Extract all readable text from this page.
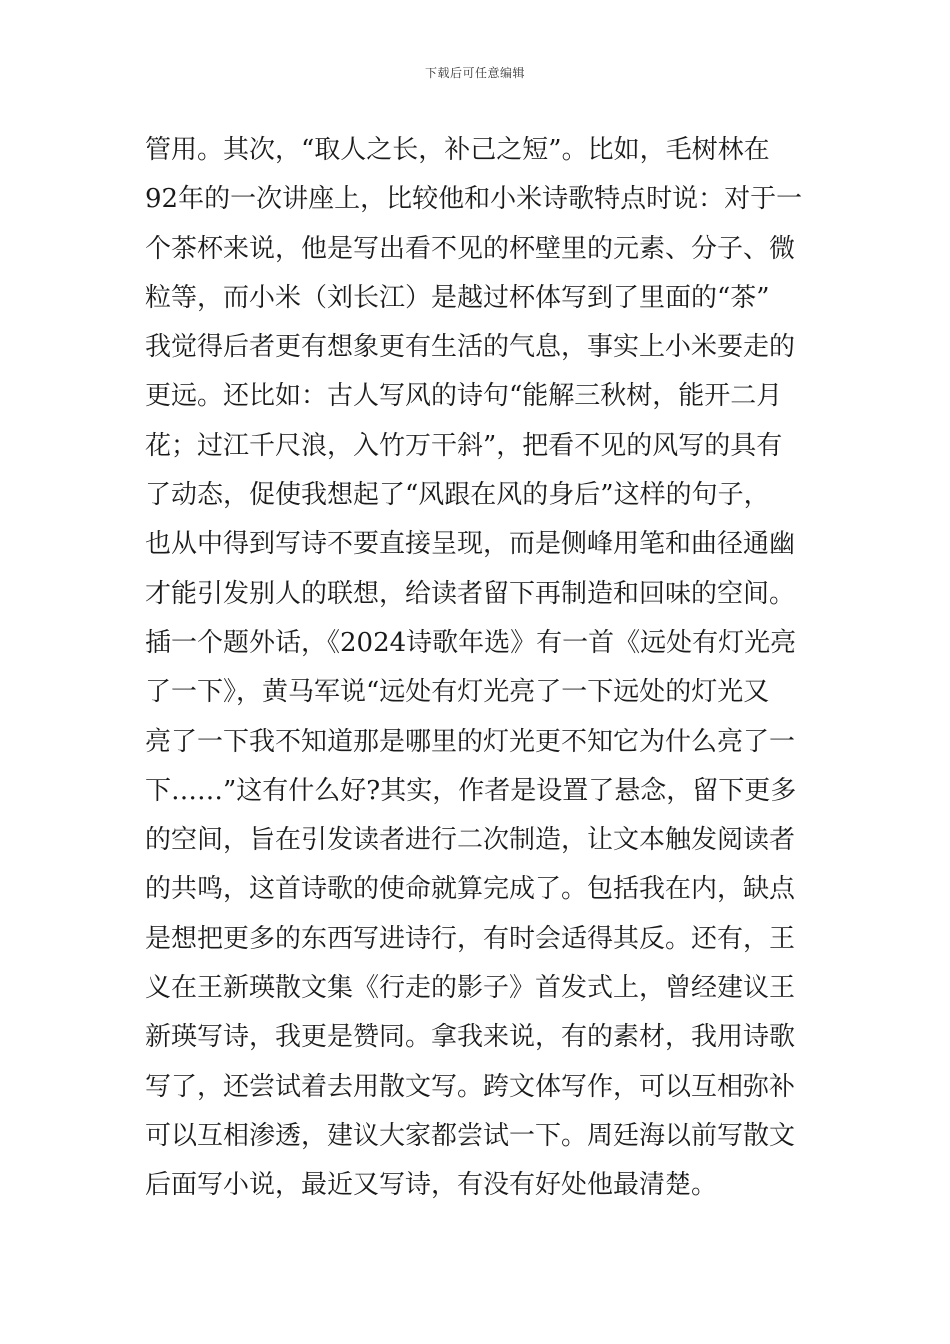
下载后可任意编辑
管用。其次，“取人之长，补己之短”。比如，毛树林在
92年的一次讲座上，比较他和小米诗歌特点时说：对于一
个茶杯来说，他是写出看不见的杯壁里的元素、分子、微
粒等，而小米（刘长江）是越过杯体写到了里面的“茶”
我觉得后者更有想象更有生活的气息，事实上小米要走的
更远。还比如：古人写风的诗句“能解三秋树，能开二月
花；过江千尺浪，入竹万干斜”，把看不见的风写的具有
了动态，促使我想起了“风跟在风的身后”这样的句子，
也从中得到写诗不要直接呈现，而是侧峰用笔和曲径通幽
才能引发别人的联想，给读者留下再制造和回味的空间。
插一个题外话，《2024诗歌年选》有一首《远处有灯光亮
了一下》，黄马军说“远处有灯光亮了一下远处的灯光又
亮了一下我不知道那是哪里的灯光更不知它为什么亮了一
下……”这有什么好?其实，作者是设置了悬念，留下更多
的空间，旨在引发读者进行二次制造，让文本触发阅读者
的共鸣，这首诗歌的使命就算完成了。包括我在内，缺点
是想把更多的东西写进诗行，有时会适得其反。还有，王
义在王新瑛散文集《行走的影子》首发式上，曾经建议王
新瑛写诗，我更是赞同。拿我来说，有的素材，我用诗歌
写了，还尝试着去用散文写。跨文体写作，可以互相弥补
可以互相渗透，建议大家都尝试一下。周廷海以前写散文
后面写小说，最近又写诗，有没有好处他最清楚。
